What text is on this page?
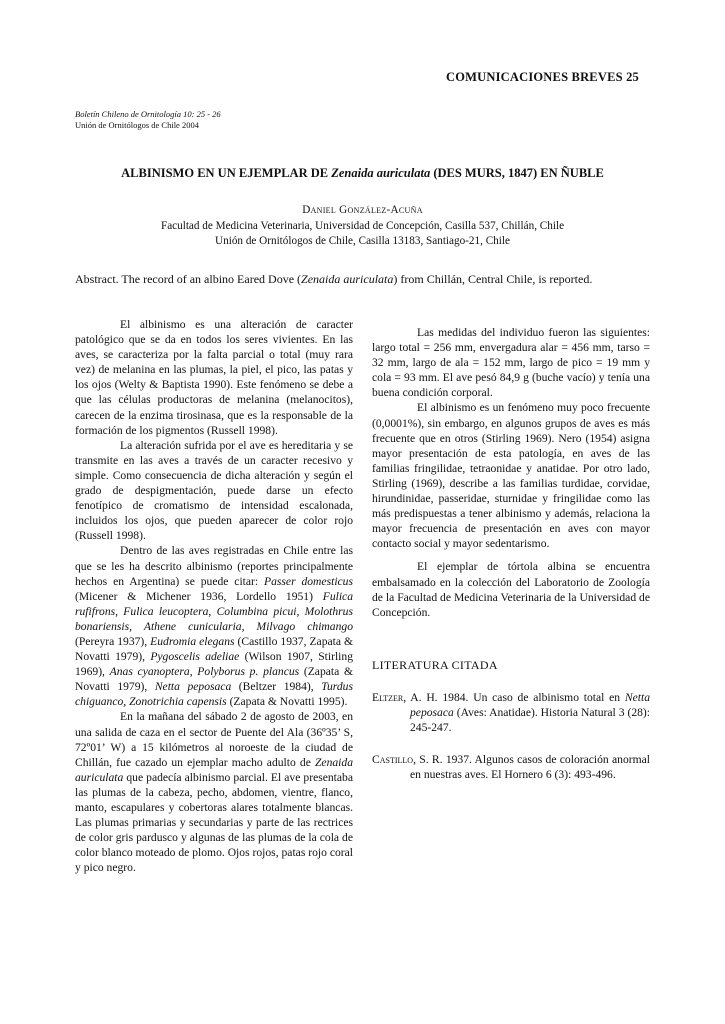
COMUNICACIONES BREVES 25
Boletín Chileno de Ornitología 10: 25 - 26
Unión de Ornitólogos de Chile 2004
ALBINISMO EN UN EJEMPLAR DE Zenaida auriculata (DES MURS, 1847) EN ÑUBLE
Daniel González-Acuña
Facultad de Medicina Veterinaria, Universidad de Concepción, Casilla 537, Chillán, Chile
Unión de Ornitólogos de Chile, Casilla 13183, Santiago-21, Chile
Abstract. The record of an albino Eared Dove (Zenaida auriculata) from Chillán, Central Chile, is reported.

El albinismo es una alteración de caracter patológico que se da en todos los seres vivientes. En las aves, se caracteriza por la falta parcial o total (muy rara vez) de melanina en las plumas, la piel, el pico, las patas y los ojos (Welty & Baptista 1990). Este fenómeno se debe a que las células productoras de melanina (melanocitos), carecen de la enzima tirosinasa, que es la responsable de la formación de los pigmentos (Russell 1998).

La alteración sufrida por el ave es hereditaria y se transmite en las aves a través de un caracter recesivo y simple. Como consecuencia de dicha alteración y según el grado de despigmentación, puede darse un efecto fenotípico de cromatismo de intensidad escalonada, incluidos los ojos, que pueden aparecer de color rojo (Russell 1998).

Dentro de las aves registradas en Chile entre las que se les ha descrito albinismo (reportes principalmente hechos en Argentina) se puede citar: Passer domesticus (Micener & Michener 1936, Lordello 1951) Fulica rufifrons, Fulica leucoptera, Columbina picui, Molothrus bonariensis, Athene cunicularia, Milvago chimango (Pereyra 1937), Eudromia elegans (Castillo 1937, Zapata & Novatti 1979), Pygoscelis adeliae (Wilson 1907, Stirling 1969), Anas cyanoptera, Polyborus p. plancus (Zapata & Novatti 1979), Netta peposaca (Beltzer 1984), Turdus chiguanco, Zonotrichia capensis (Zapata & Novatti 1995).

En la mañana del sábado 2 de agosto de 2003, en una salida de caza en el sector de Puente del Ala (36º35’ S, 72º01’ W) a 15 kilómetros al noroeste de la ciudad de Chillán, fue cazado un ejemplar macho adulto de Zenaida auriculata que padecía albinismo parcial. El ave presentaba las plumas de la cabeza, pecho, abdomen, vientre, flanco, manto, escapulares y cobertoras alares totalmente blancas. Las plumas primarias y secundarias y parte de las rectrices de color gris pardusco y algunas de las plumas de la cola de color blanco moteado de plomo. Ojos rojos, patas rojo coral y pico negro.

Las medidas del individuo fueron las siguientes: largo total = 256 mm, envergadura alar = 456 mm, tarso = 32 mm, largo de ala = 152 mm, largo de pico = 19 mm y cola = 93 mm. El ave pesó 84,9 g (buche vacío) y tenía una buena condición corporal.

El albinismo es un fenómeno muy poco frecuente (0,0001%), sin embargo, en algunos grupos de aves es más frecuente que en otros (Stirling 1969). Nero (1954) asigna mayor presentación de esta patología, en aves de las familias fringilidae, tetraonidae y anatidae. Por otro lado, Stirling (1969), describe a las familias turdidae, corvidae, hirundinidae, passeridae, sturnidae y fringilidae como las más predispuestas a tener albinismo y además, relaciona la mayor frecuencia de presentación en aves con mayor contacto social y mayor sedentarismo.

El ejemplar de tórtola albina se encuentra embalsamado en la colección del Laboratorio de Zoología de la Facultad de Medicina Veterinaria de la Universidad de Concepción.

LITERATURA CITADA
Eltzer, A. H. 1984. Un caso de albinismo total en Netta peposaca (Aves: Anatidae). Historia Natural 3 (28): 245-247.
Castillo, S. R. 1937. Algunos casos de coloración anormal en nuestras aves. El Hornero 6 (3): 493-496.
